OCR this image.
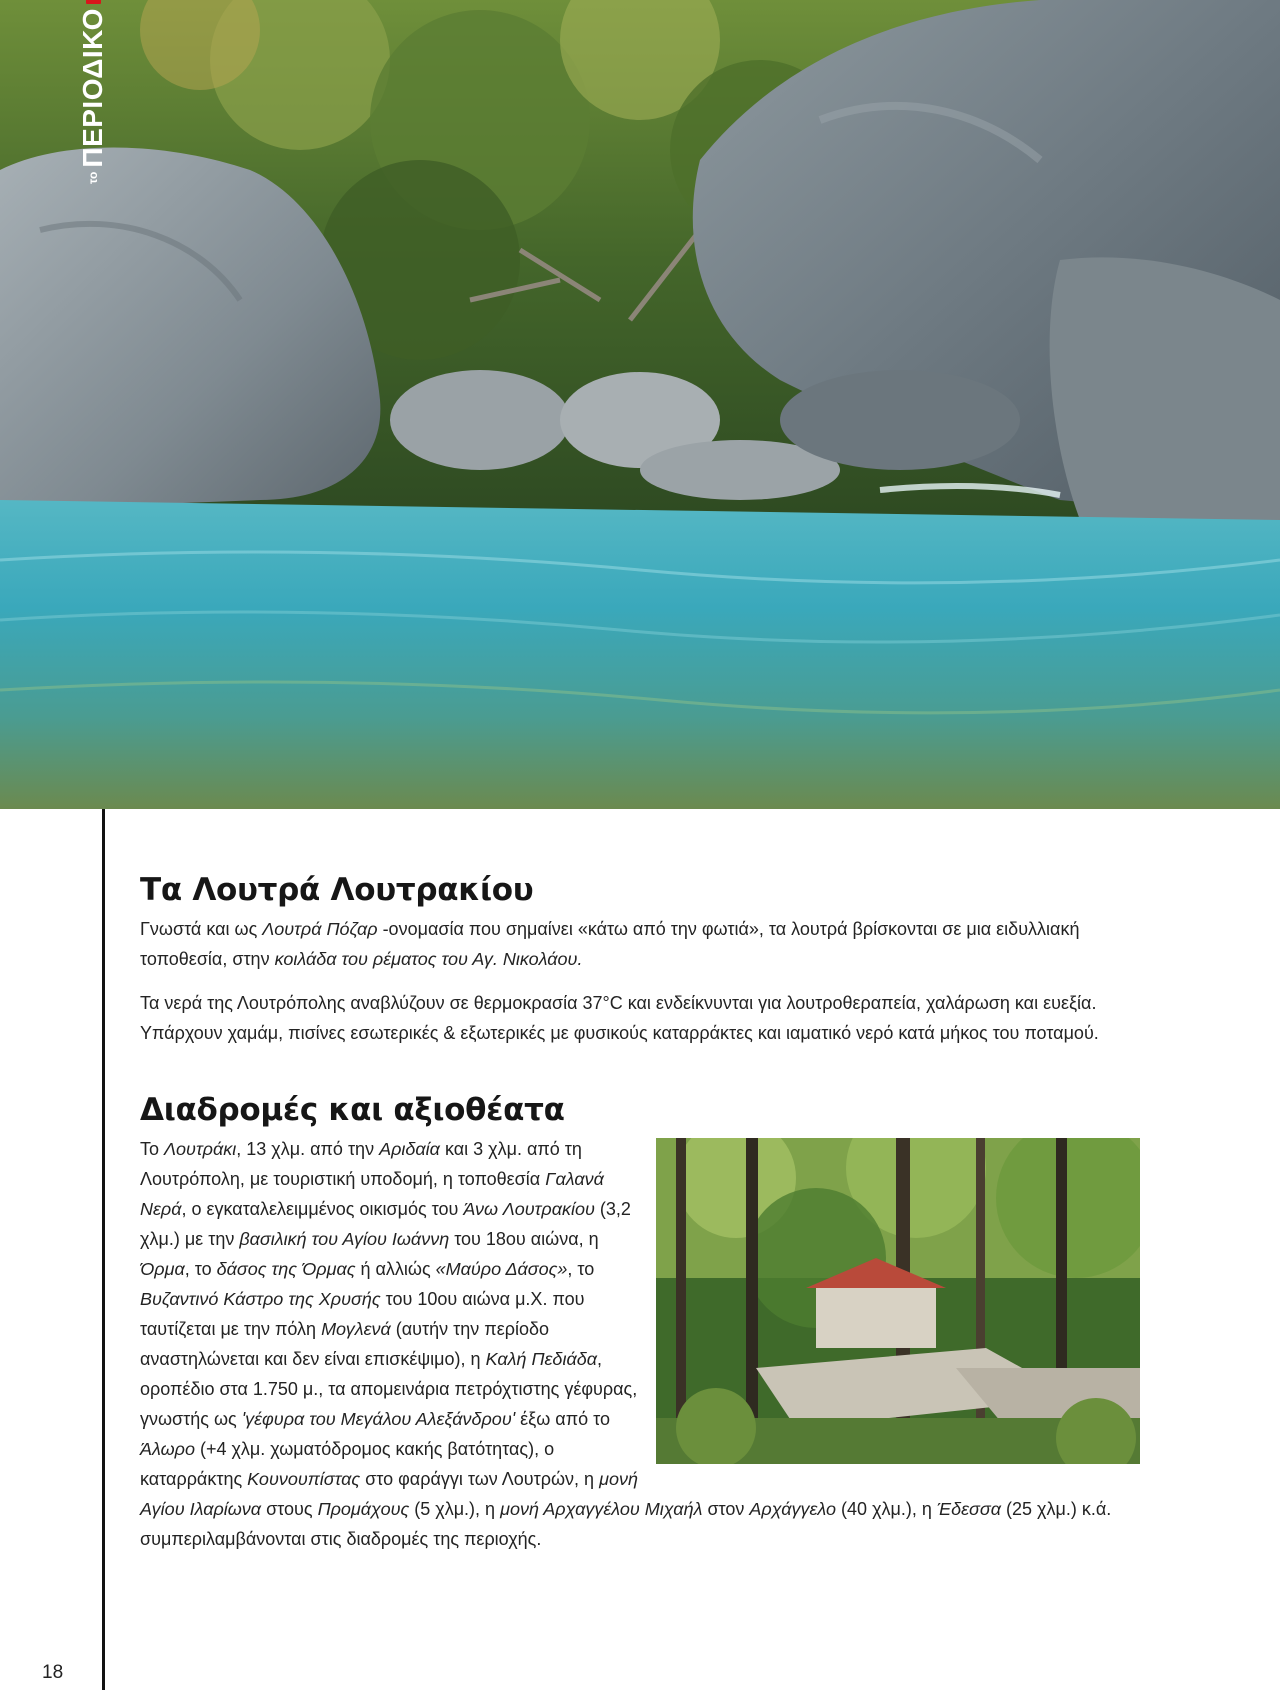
το
ΠΕΡΙΟΔΙΚΟ
18
Τα Λουτρά Λουτρακίου

Γνωστά και ως Λουτρά Πόζαρ -ονομασία που σημαίνει «κάτω από την φωτιά», τα λουτρά βρίσκονται σε μια ειδυλλιακή τοποθεσία, στην κοιλάδα του ρέματος του Αγ. Νικολάου.

Τα νερά της Λουτρόπολης αναβλύζουν σε θερμοκρασία 37°C και ενδείκνυνται για λουτροθεραπεία, χαλάρωση και ευεξία. Υπάρχουν χαμάμ, πισίνες εσωτερικές & εξωτερικές με φυσικούς καταρράκτες και ιαματικό νερό κατά μήκος του ποταμού.

Διαδρομές και αξιοθέατα

Το Λουτράκι, 13 χλμ. από την Αριδαία και 3 χλμ. από τη Λουτρόπολη, με τουριστική υποδομή, η τοποθεσία Γαλανά Νερά, ο εγκαταλελειμμένος οικισμός του Άνω Λουτρακίου (3,2 χλμ.) με την βασιλική του Αγίου Ιωάννη του 18ου αιώνα, η Όρμα, το δάσος της Όρμας ή αλλιώς «Μαύρο Δάσος», το Βυζαντινό Κάστρο της Χρυσής του 10ου αιώνα μ.Χ. που ταυτίζεται με την πόλη Μογλενά (αυτήν την περίοδο αναστηλώνεται και δεν είναι επισκέψιμο), η Καλή Πεδιάδα, οροπέδιο στα 1.750 μ., τα απομεινάρια πετρόχτιστης γέφυρας, γνωστής ως 'γέφυρα του Μεγάλου Αλεξάνδρου' έξω από το Άλωρο (+4 χλμ. χωματόδρομος κακής βατότητας), ο καταρράκτης Κουνουπίστας στο φαράγγι των Λουτρών, η μονή Αγίου Ιλαρίωνα στους Προμάχους (5 χλμ.), η μονή Αρχαγγέλου Μιχαήλ στον Αρχάγγελο (40 χλμ.), η Έδεσσα (25 χλμ.) κ.ά. συμπεριλαμβάνονται στις διαδρομές της περιοχής.
